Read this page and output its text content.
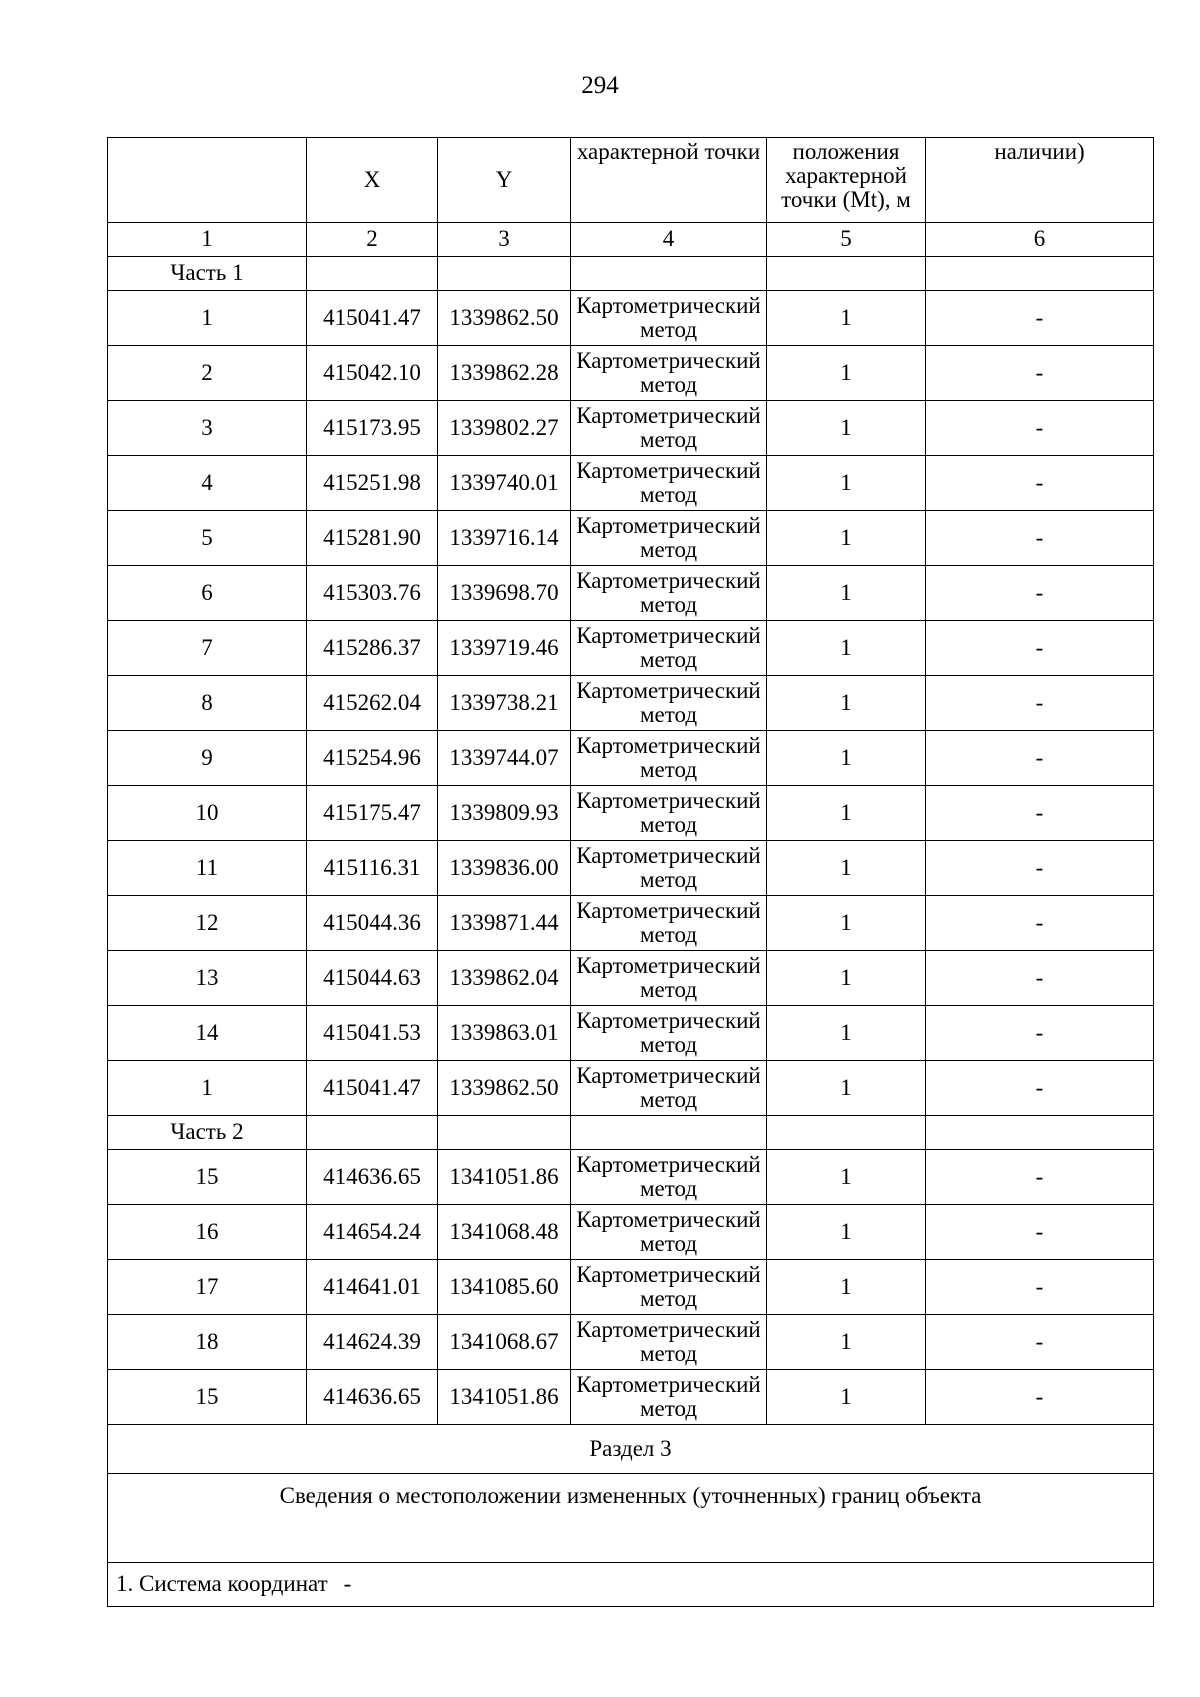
294
	X	Y	характерной точки	положения характерной точки (Mt), м	наличии)
1	2	3	4	5	6
Часть 1					
1	415041.47	1339862.50	Картометрический метод	1	-
2	415042.10	1339862.28	Картометрический метод	1	-
3	415173.95	1339802.27	Картометрический метод	1	-
4	415251.98	1339740.01	Картометрический метод	1	-
5	415281.90	1339716.14	Картометрический метод	1	-
6	415303.76	1339698.70	Картометрический метод	1	-
7	415286.37	1339719.46	Картометрический метод	1	-
8	415262.04	1339738.21	Картометрический метод	1	-
9	415254.96	1339744.07	Картометрический метод	1	-
10	415175.47	1339809.93	Картометрический метод	1	-
11	415116.31	1339836.00	Картометрический метод	1	-
12	415044.36	1339871.44	Картометрический метод	1	-
13	415044.63	1339862.04	Картометрический метод	1	-
14	415041.53	1339863.01	Картометрический метод	1	-
1	415041.47	1339862.50	Картометрический метод	1	-
Часть 2					
15	414636.65	1341051.86	Картометрический метод	1	-
16	414654.24	1341068.48	Картометрический метод	1	-
17	414641.01	1341085.60	Картометрический метод	1	-
18	414624.39	1341068.67	Картометрический метод	1	-
15	414636.65	1341051.86	Картометрический метод	1	-
Раздел 3					
Сведения о местоположении измененных (уточненных) границ объекта					
1. Система координат -					
